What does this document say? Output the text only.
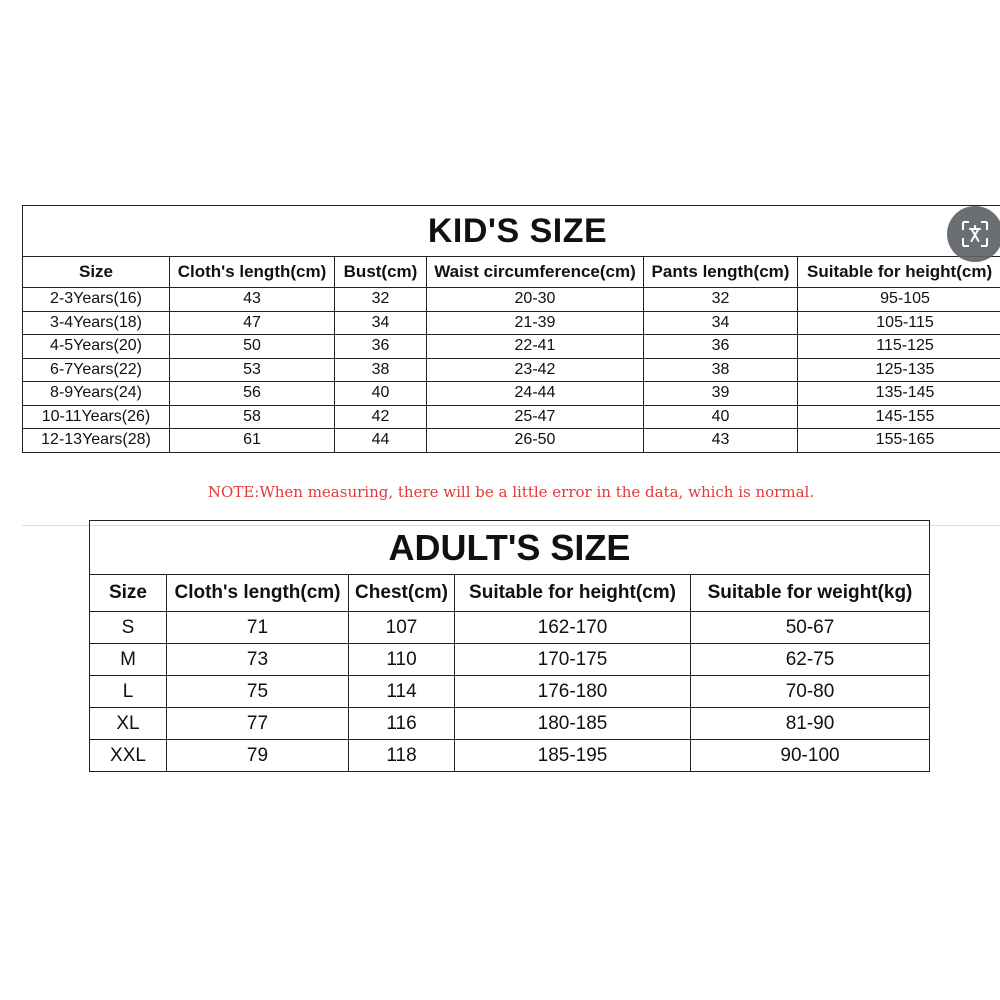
KID'S SIZE					
Size	Cloth's length(cm)	Bust(cm)	Waist circumference(cm)	Pants length(cm)	Suitable for height(cm)
2-3Years(16)	43	32	20-30	32	95-105
3-4Years(18)	47	34	21-39	34	105-115
4-5Years(20)	50	36	22-41	36	115-125
6-7Years(22)	53	38	23-42	38	125-135
8-9Years(24)	56	40	24-44	39	135-145
10-11Years(26)	58	42	25-47	40	145-155
12-13Years(28)	61	44	26-50	43	155-165
NOTE:When measuring, there will be a little error in the data, which is normal.
ADULT'S SIZE				
Size	Cloth's length(cm)	Chest(cm)	Suitable for height(cm)	Suitable for weight(kg)
S	71	107	162-170	50-67
M	73	110	170-175	62-75
L	75	114	176-180	70-80
XL	77	116	180-185	81-90
XXL	79	118	185-195	90-100
